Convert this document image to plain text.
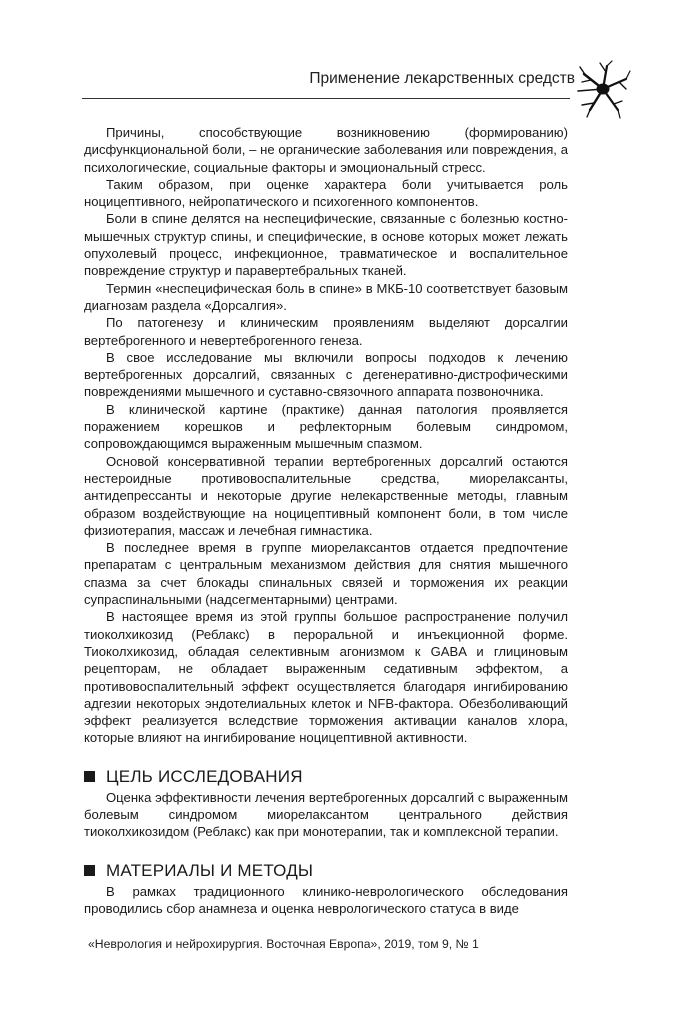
Применение лекарственных средств

Причины, способствующие возникновению (формированию) дисфункциональной боли, – не органические заболевания или повреждения, а психологические, социальные факторы и эмоциональный стресс.

Таким образом, при оценке характера боли учитывается роль ноцицептивного, нейропатического и психогенного компонентов.

Боли в спине делятся на неспецифические, связанные с болезнью костно-мышечных структур спины, и специфические, в основе которых может лежать опухолевый процесс, инфекционное, травматическое и воспалительное повреждение структур и паравертебральных тканей.

Термин «неспецифическая боль в спине» в МКБ-10 соответствует базовым диагнозам раздела «Дорсалгия».

По патогенезу и клиническим проявлениям выделяют дорсалгии вертеброгенного и невертеброгенного генеза.

В свое исследование мы включили вопросы подходов к лечению вертеброгенных дорсалгий, связанных с дегенеративно-дистрофическими повреждениями мышечного и суставно-связочного аппарата позвоночника.

В клинической картине (практике) данная патология проявляется поражением корешков и рефлекторным болевым синдромом, сопровождающимся выраженным мышечным спазмом.

Основой консервативной терапии вертеброгенных дорсалгий остаются нестероидные противовоспалительные средства, миорелаксанты, антидепрессанты и некоторые другие нелекарственные методы, главным образом воздействующие на ноцицептивный компонент боли, в том числе физиотерапия, массаж и лечебная гимнастика.

В последнее время в группе миорелаксантов отдается предпочтение препаратам с центральным механизмом действия для снятия мышечного спазма за счет блокады спинальных связей и торможения их реакции супраспинальными (надсегментарными) центрами.

В настоящее время из этой группы большое распространение получил тиоколхикозид (Реблакс) в пероральной и инъекционной форме. Тиоколхикозид, обладая селективным агонизмом к GABA и глициновым рецепторам, не обладает выраженным седативным эффектом, а противовоспалительный эффект осуществляется благодаря ингибированию адгезии некоторых эндотелиальных клеток и NFB-фактора. Обезболивающий эффект реализуется вследствие торможения активации каналов хлора, которые влияют на ингибирование ноцицептивной активности.

ЦЕЛЬ ИССЛЕДОВАНИЯ

Оценка эффективности лечения вертеброгенных дорсалгий с выраженным болевым синдромом миорелаксантом центрального действия тиоколхикозидом (Реблакс) как при монотерапии, так и комплексной терапии.

МАТЕРИАЛЫ И МЕТОДЫ

В рамках традиционного клинико-неврологического обследования проводились сбор анамнеза и оценка неврологического статуса в виде

«Неврология и нейрохирургия. Восточная Европа», 2019, том 9, № 1
